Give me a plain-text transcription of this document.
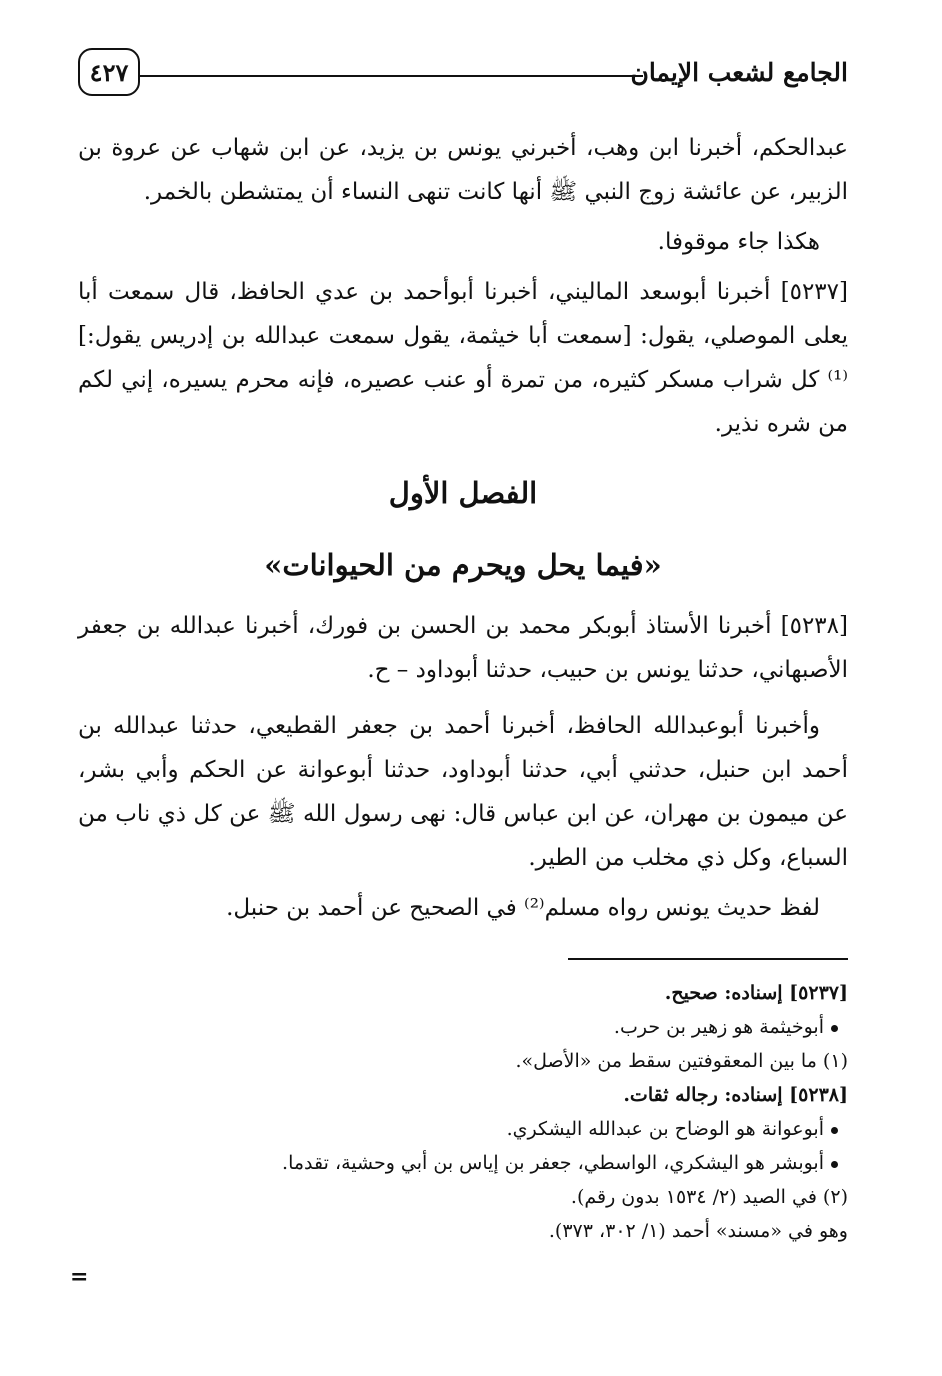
الجامع لشعب الإيمان
٤٢٧

عبدالحكم، أخبرنا ابن وهب، أخبرني يونس بن يزيد، عن ابن شهاب عن عروة بن الزبير، عن عائشة زوج النبي ﷺ أنها كانت تنهى النساء أن يمتشطن بالخمر.

هكذا جاء موقوفا.

[٥٢٣٧] أخبرنا أبوسعد الماليني، أخبرنا أبوأحمد بن عدي الحافظ، قال سمعت أبا يعلى الموصلي، يقول: [سمعت أبا خيثمة، يقول سمعت عبدالله بن إدريس يقول:]⁽¹⁾ كل شراب مسكر كثيره، من تمرة أو عنب عصيره، فإنه محرم يسيره، إني لكم من شره نذير.

الفصل الأول
«فيما يحل ويحرم من الحيوانات»

[٥٢٣٨] أخبرنا الأستاذ أبوبكر محمد بن الحسن بن فورك، أخبرنا عبدالله بن جعفر الأصبهاني، حدثنا يونس بن حبيب، حدثنا أبوداود – ح.

وأخبرنا أبوعبدالله الحافظ، أخبرنا أحمد بن جعفر القطيعي، حدثنا عبدالله بن أحمد ابن حنبل، حدثني أبي، حدثنا أبوداود، حدثنا أبوعوانة عن الحكم وأبي بشر، عن ميمون بن مهران، عن ابن عباس قال: نهى رسول الله ﷺ عن كل ذي ناب من السباع، وكل ذي مخلب من الطير.

لفظ حديث يونس رواه مسلم⁽²⁾ في الصحيح عن أحمد بن حنبل.

[٥٢٣٧] إسناده: صحيح.

أبوخيثمة هو زهير بن حرب.

(١) ما بين المعقوفتين سقط من «الأصل».

[٥٢٣٨] إسناده: رجاله ثقات.

أبوعوانة هو الوضاح بن عبدالله اليشكري.

أبوبشر هو اليشكري، الواسطي، جعفر بن إياس بن أبي وحشية، تقدما.

(٢) في الصيد (٢/ ١٥٣٤ بدون رقم).

وهو في «مسند» أحمد (١/ ٣٠٢، ٣٧٣).

=
